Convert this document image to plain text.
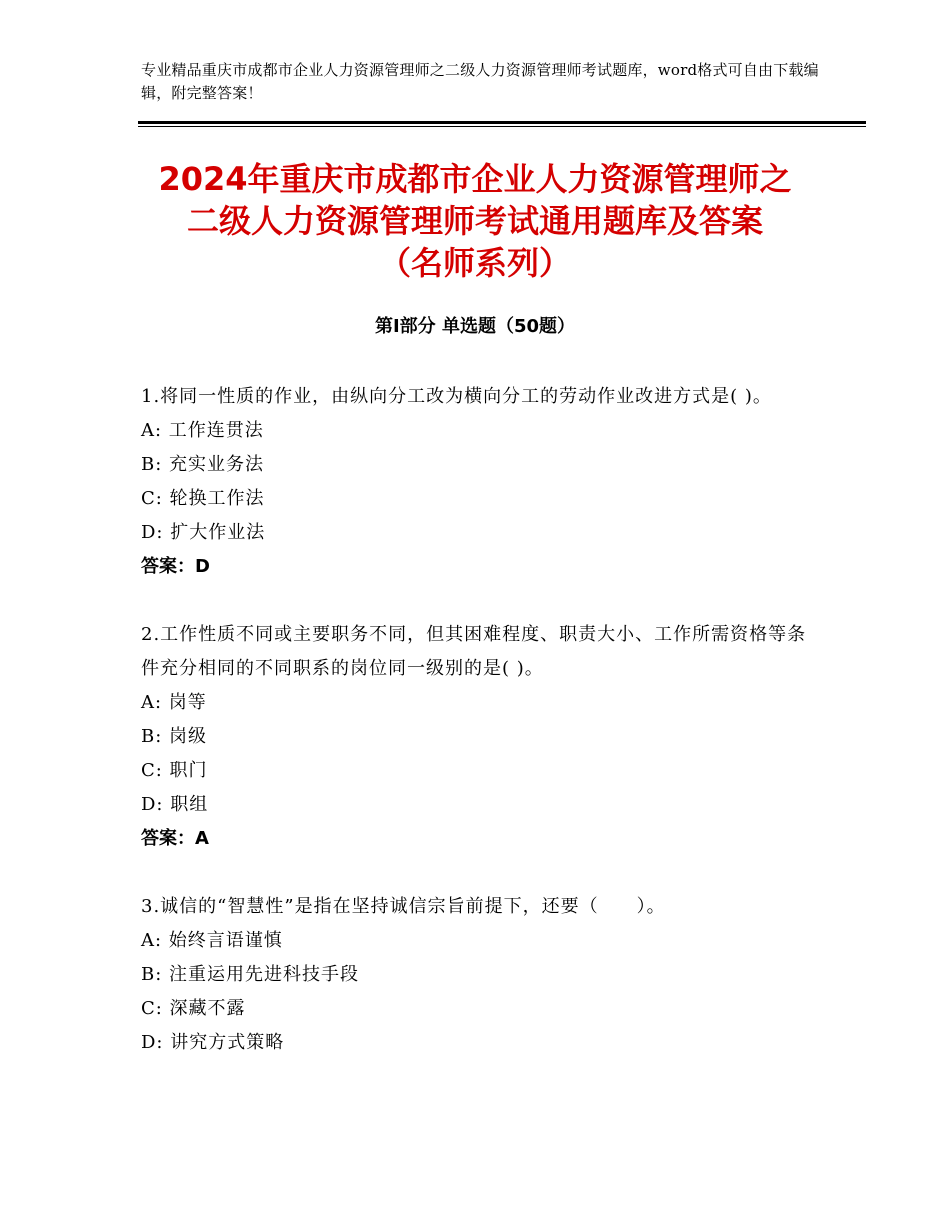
专业精品重庆市成都市企业人力资源管理师之二级人力资源管理师考试题库，word格式可自由下载编辑，附完整答案！
2024年重庆市成都市企业人力资源管理师之
二级人力资源管理师考试通用题库及答案
（名师系列）
第Ⅰ部分 单选题（50题）
1.将同一性质的作业，由纵向分工改为横向分工的劳动作业改进方式是( )。
A: 工作连贯法
B: 充实业务法
C: 轮换工作法
D: 扩大作业法
答案：D
2.工作性质不同或主要职务不同，但其困难程度、职责大小、工作所需资格等条件充分相同的不同职系的岗位同一级别的是( )。
A: 岗等
B: 岗级
C: 职门
D: 职组
答案：A
3.诚信的“智慧性”是指在坚持诚信宗旨前提下，还要（　　）。
A: 始终言语谨慎
B: 注重运用先进科技手段
C: 深藏不露
D: 讲究方式策略
